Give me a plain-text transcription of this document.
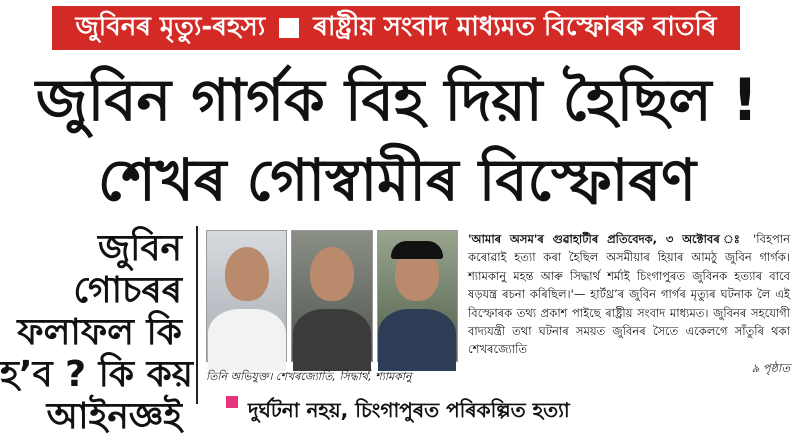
জুবিনৰ মৃত্যু-ৰহস্য ৰাষ্ট্ৰীয় সংবাদ মাধ্যমত বিস্ফোৰক বাতৰি
জুবিন গাৰ্গক বিহ দিয়া হৈছিল !
শেখৰ গোস্বামীৰ বিস্ফোৰণ
জুবিন
গোচৰৰ
ফলাফল কি
হ’ব ? কি কয়
আইনজ্ঞই
তিনি অভিযুক্ত। শেখৰজ্যোতি, সিদ্ধাৰ্থ, শ্যামকানু

'আমাৰ অসম'ৰ গুৱাহাটীৰ প্ৰতিবেদক, ৩ অক্টোবৰ ঃ 'বিহপান কৰোৱাই হত্যা কৰা হৈছিল অসমীয়াৰ হিয়াৰ আমঠু জুবিন গাৰ্গক। শ্যামকানু মহন্ত আৰু সিদ্ধাৰ্থ শৰ্মাই চিংগাপুৰত জুবিনক হত্যাৰ বাবে ষড়যন্ত্ৰ ৰচনা কৰিছিল।'— হাৰ্টথ্ৰ’ৰ জুবিন গাৰ্গৰ মৃত্যুৰ ঘটনাক লৈ এই বিস্ফোৰক তথ্য প্ৰকাশ পাইছে ৰাষ্ট্ৰীয় সংবাদ মাধ্যমত। জুবিনৰ সহযোগী বাদ্যযন্ত্ৰী তথা ঘটনাৰ সময়ত জুবিনৰ সৈতে একেলগে সাঁতুৰি থকা শেখৰজ্যোতি
৯ পৃষ্ঠাত

দুৰ্ঘটনা নহয়, চিংগাপুৰত পৰিকল্পিত হত্যা
